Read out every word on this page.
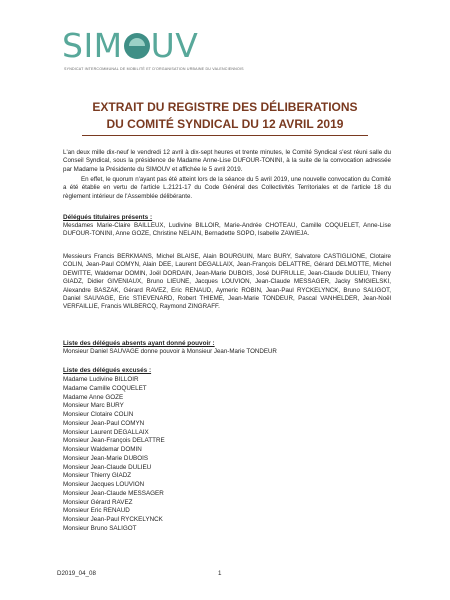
SIM UV
SYNDICAT INTERCOMMUNAL DE MOBILITÉ ET D'ORGANISATION URBAINE DU VALENCIENNOIS
EXTRAIT DU REGISTRE DES DÉLIBERATIONS
DU COMITÉ SYNDICAL DU 12 AVRIL 2019
L'an deux mille dix-neuf le vendredi 12 avril à dix-sept heures et trente minutes, le Comité Syndical s'est réuni salle du Conseil Syndical, sous la présidence de Madame Anne-Lise DUFOUR-TONINI, à la suite de la convocation adressée par Madame la Présidente du SIMOUV et affichée le 5 avril 2019.
En effet, le quorum n'ayant pas été atteint lors de la séance du 5 avril 2019, une nouvelle convocation du Comité a été établie en vertu de l'article L.2121-17 du Code Général des Collectivités Territoriales et de l'article 18 du règlement intérieur de l'Assemblée délibérante.
Délégués titulaires présents :
Mesdames Marie-Claire BAILLEUX, Ludivine BILLOIR, Marie-Andrée CHOTEAU, Camille COQUELET, Anne-Lise DUFOUR-TONINI, Anne GOZE, Christine NELAIN, Bernadette SOPO, Isabelle ZAWIEJA.
Messieurs Francis BERKMANS, Michel BLAISE, Alain BOURGUIN, Marc BURY, Salvatore CASTIGLIONE, Clotaire COLIN, Jean-Paul COMYN, Alain DEE, Laurent DEGALLAIX, Jean-François DELATTRE, Gérard DELMOTTE, Michel DEWITTE, Waldemar DOMIN, Joël DORDAIN, Jean-Marie DUBOIS, José DUFRULLE, Jean-Claude DULIEU, Thierry GIADZ, Didier GIVENIAUX, Bruno LIEUNE, Jacques LOUVION, Jean-Claude MESSAGER, Jacky SMIGIELSKI, Alexandre BASZAK, Gérard RAVEZ, Eric RENAUD, Aymeric ROBIN, Jean-Paul RYCKELYNCK, Bruno SALIGOT, Daniel SAUVAGE, Eric STIEVENARD, Robert THIEME, Jean-Marie TONDEUR, Pascal VANHELDER, Jean-Noël VERFAILLIE, Francis WILBERCQ, Raymond ZINGRAFF.
Liste des délégués absents ayant donné pouvoir :
Monsieur Daniel SAUVAGE donne pouvoir à Monsieur Jean-Marie TONDEUR
Liste des délégués excusés :
Madame Ludivine BILLOIR
Madame Camille COQUELET
Madame Anne GOZE
Monsieur Marc BURY
Monsieur Clotaire COLIN
Monsieur Jean-Paul COMYN
Monsieur Laurent DEGALLAIX
Monsieur Jean-François DELATTRE
Monsieur Waldemar DOMIN
Monsieur Jean-Marie DUBOIS
Monsieur Jean-Claude DULIEU
Monsieur Thierry GIADZ
Monsieur Jacques LOUVION
Monsieur Jean-Claude MESSAGER
Monsieur Gérard RAVEZ
Monsieur Eric RENAUD
Monsieur Jean-Paul RYCKELYNCK
Monsieur Bruno SALIGOT
D2019_04_08	1
